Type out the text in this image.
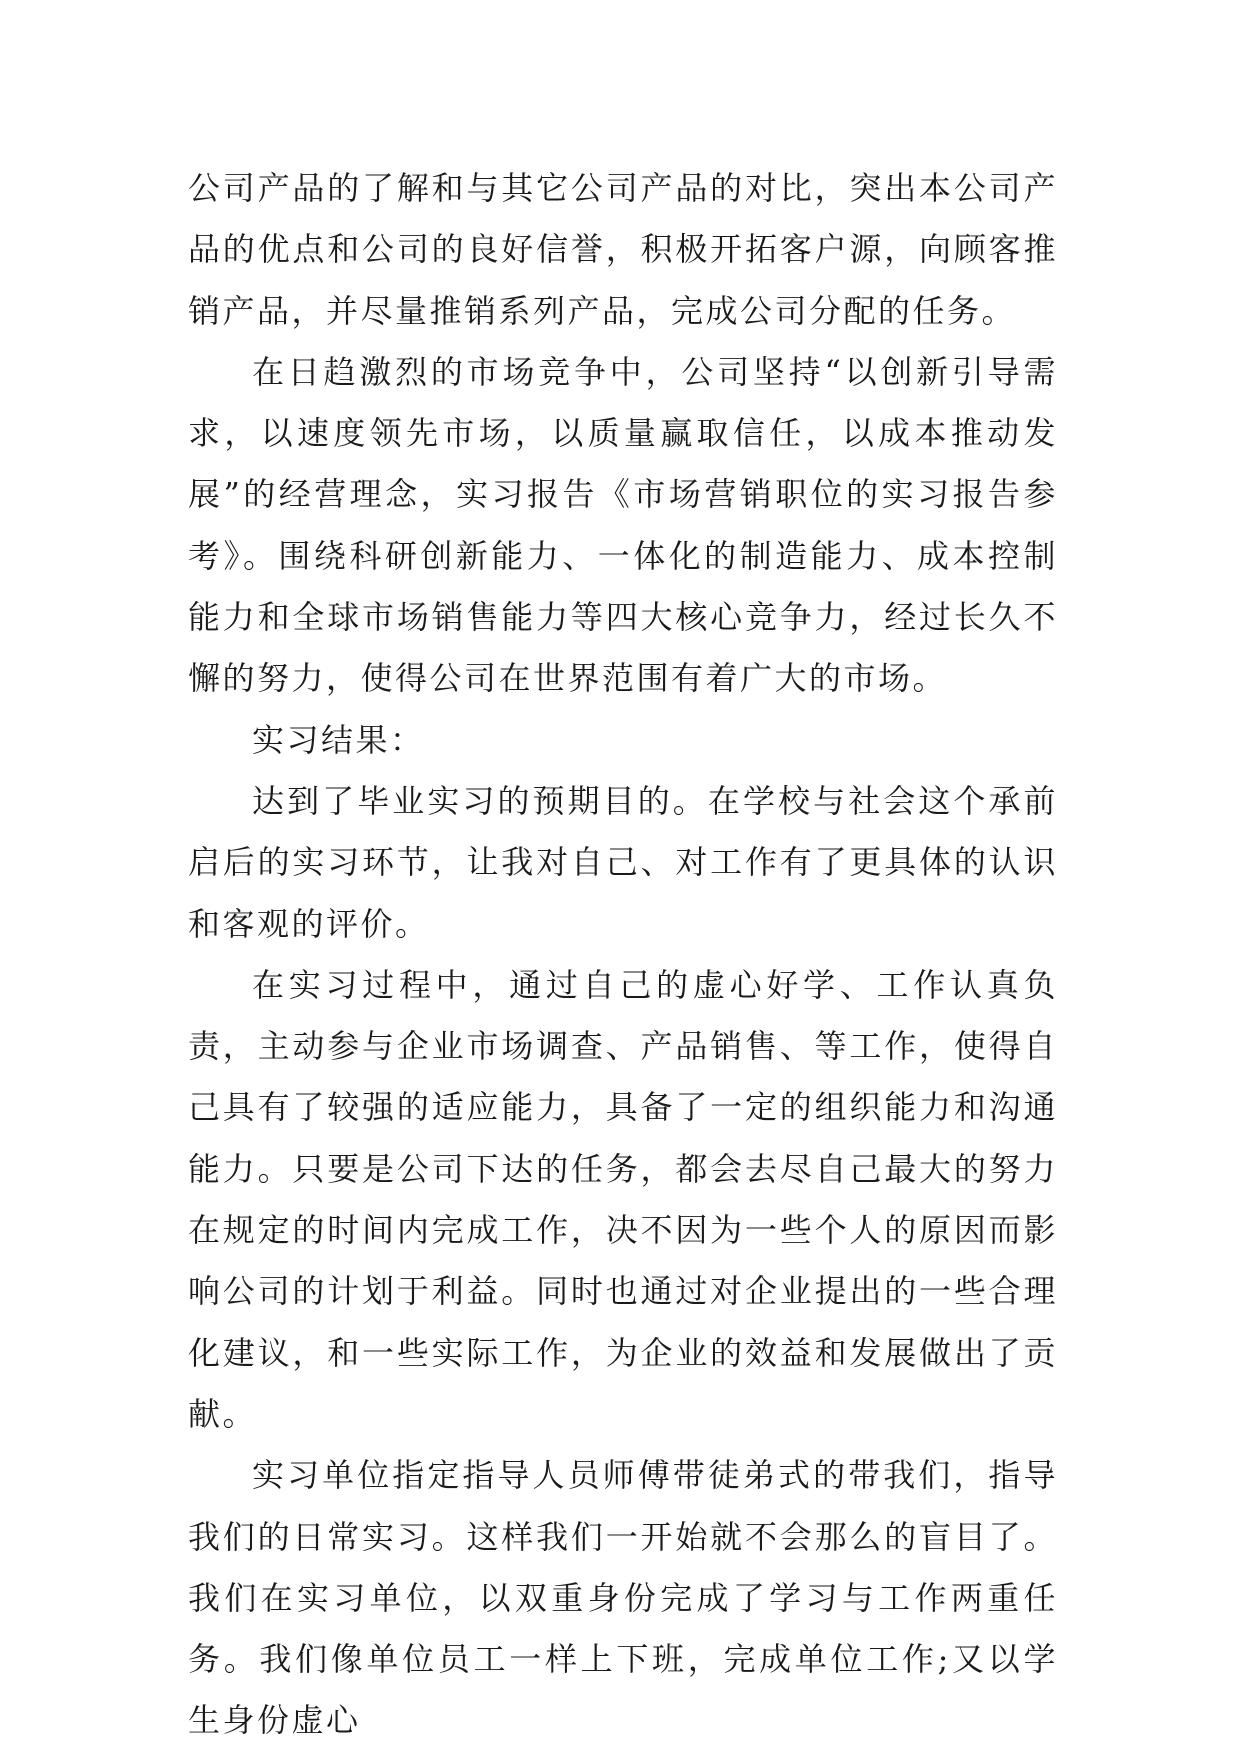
公司产品的了解和与其它公司产品的对比，突出本公司产品的优点和公司的良好信誉，积极开拓客户源，向顾客推销产品，并尽量推销系列产品，完成公司分配的任务。

在日趋激烈的市场竞争中，公司坚持“以创新引导需求，以速度领先市场，以质量赢取信任，以成本推动发展”的经营理念，实习报告《市场营销职位的实习报告参考》。围绕科研创新能力、一体化的制造能力、成本控制能力和全球市场销售能力等四大核心竞争力，经过长久不懈的努力，使得公司在世界范围有着广大的市场。

实习结果：

达到了毕业实习的预期目的。在学校与社会这个承前启后的实习环节，让我对自己、对工作有了更具体的认识和客观的评价。

在实习过程中，通过自己的虚心好学、工作认真负责，主动参与企业市场调查、产品销售、等工作，使得自己具有了较强的适应能力，具备了一定的组织能力和沟通能力。只要是公司下达的任务，都会去尽自己最大的努力在规定的时间内完成工作，决不因为一些个人的原因而影响公司的计划于利益。同时也通过对企业提出的一些合理化建议，和一些实际工作，为企业的效益和发展做出了贡献。

实习单位指定指导人员师傅带徒弟式的带我们，指导我们的日常实习。这样我们一开始就不会那么的盲目了。我们在实习单位，以双重身份完成了学习与工作两重任务。我们像单位员工一样上下班，完成单位工作;又以学生身份虚心
